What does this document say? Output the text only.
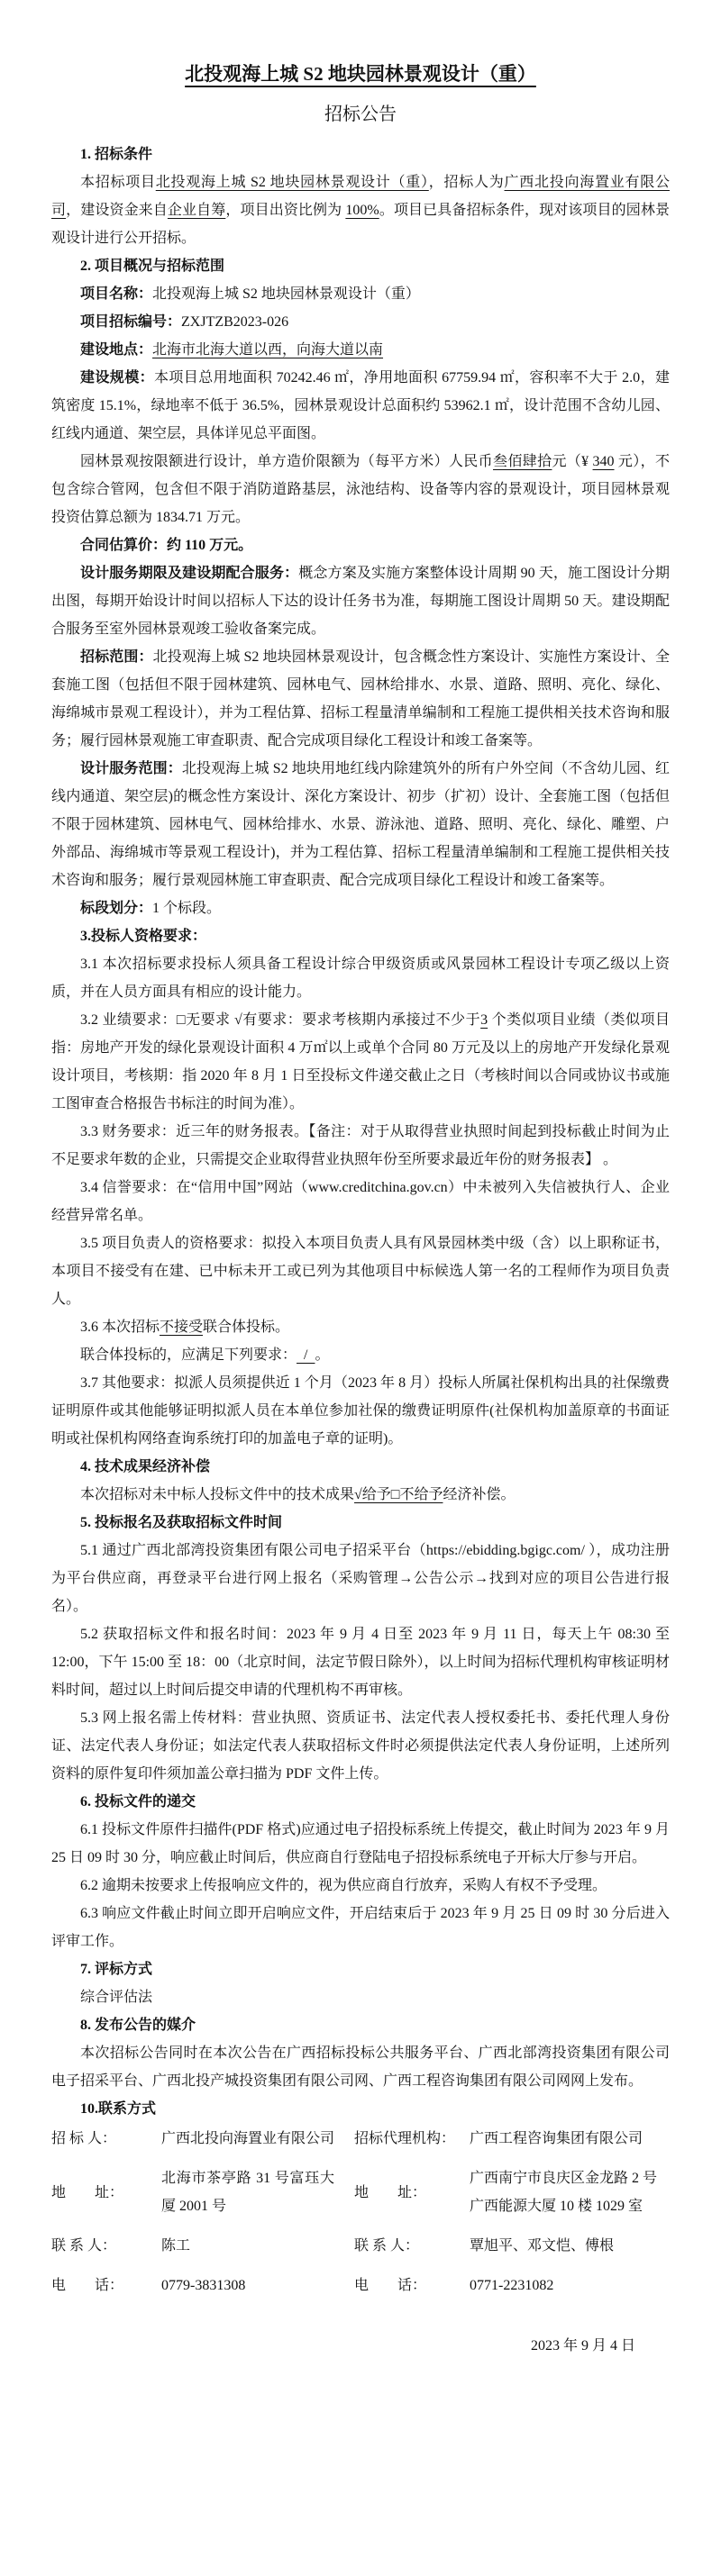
北投观海上城 S2 地块园林景观设计（重）
招标公告

1. 招标条件

本招标项目北投观海上城 S2 地块园林景观设计（重），招标人为广西北投向海置业有限公司，建设资金来自企业自筹，项目出资比例为 100%。项目已具备招标条件，现对该项目的园林景观设计进行公开招标。

2. 项目概况与招标范围

项目名称：北投观海上城 S2 地块园林景观设计（重）

项目招标编号：ZXJTZB2023-026

建设地点：北海市北海大道以西，向海大道以南

建设规模：本项目总用地面积 70242.46 ㎡，净用地面积 67759.94 ㎡，容积率不大于 2.0，建筑密度 15.1%，绿地率不低于 36.5%，园林景观设计总面积约 53962.1 ㎡，设计范围不含幼儿园、红线内通道、架空层，具体详见总平面图。

园林景观按限额进行设计，单方造价限额为（每平方米）人民币叁佰肆拾元（¥ 340 元），不包含综合管网，包含但不限于消防道路基层，泳池结构、设备等内容的景观设计，项目园林景观投资估算总额为 1834.71 万元。

合同估算价：约 110 万元。

设计服务期限及建设期配合服务：概念方案及实施方案整体设计周期 90 天，施工图设计分期出图，每期开始设计时间以招标人下达的设计任务书为准，每期施工图设计周期 50 天。建设期配合服务至室外园林景观竣工验收备案完成。

招标范围：北投观海上城 S2 地块园林景观设计，包含概念性方案设计、实施性方案设计、全套施工图（包括但不限于园林建筑、园林电气、园林给排水、水景、道路、照明、亮化、绿化、海绵城市景观工程设计），并为工程估算、招标工程量清单编制和工程施工提供相关技术咨询和服务；履行园林景观施工审查职责、配合完成项目绿化工程设计和竣工备案等。

设计服务范围：北投观海上城 S2 地块用地红线内除建筑外的所有户外空间（不含幼儿园、红线内通道、架空层)的概念性方案设计、深化方案设计、初步（扩初）设计、全套施工图（包括但不限于园林建筑、园林电气、园林给排水、水景、游泳池、道路、照明、亮化、绿化、雕塑、户外部品、海绵城市等景观工程设计)，并为工程估算、招标工程量清单编制和工程施工提供相关技术咨询和服务；履行景观园林施工审查职责、配合完成项目绿化工程设计和竣工备案等。

标段划分：1 个标段。

3.投标人资格要求：

3.1 本次招标要求投标人须具备工程设计综合甲级资质或风景园林工程设计专项乙级以上资质，并在人员方面具有相应的设计能力。

3.2 业绩要求：□无要求 √有要求：要求考核期内承接过不少于3 个类似项目业绩（类似项目指：房地产开发的绿化景观设计面积 4 万㎡以上或单个合同 80 万元及以上的房地产开发绿化景观设计项目，考核期：指 2020 年 8 月 1 日至投标文件递交截止之日（考核时间以合同或协议书或施工图审查合格报告书标注的时间为准）。

3.3 财务要求：近三年的财务报表。【备注：对于从取得营业执照时间起到投标截止时间为止不足要求年数的企业，只需提交企业取得营业执照年份至所要求最近年份的财务报表】 。

3.4 信誉要求：在“信用中国”网站（www.creditchina.gov.cn）中未被列入失信被执行人、企业经营异常名单。

3.5 项目负责人的资格要求：拟投入本项目负责人具有风景园林类中级（含）以上职称证书，本项目不接受有在建、已中标未开工或已列为其他项目中标候选人第一名的工程师作为项目负责人。

3.6 本次招标不接受联合体投标。

联合体投标的，应满足下列要求：  /  。

3.7 其他要求：拟派人员须提供近 1 个月（2023 年 8 月）投标人所属社保机构出具的社保缴费证明原件或其他能够证明拟派人员在本单位参加社保的缴费证明原件(社保机构加盖原章的书面证明或社保机构网络查询系统打印的加盖电子章的证明)。

4. 技术成果经济补偿

本次招标对未中标人投标文件中的技术成果√给予□不给予经济补偿。

5. 投标报名及获取招标文件时间

5.1 通过广西北部湾投资集团有限公司电子招采平台（https://ebidding.bgigc.com/ ），成功注册为平台供应商，再登录平台进行网上报名（采购管理→公告公示→找到对应的项目公告进行报名）。

5.2 获取招标文件和报名时间：2023 年 9 月 4 日至 2023 年 9 月 11 日，每天上午 08:30 至 12:00，下午 15:00 至 18：00（北京时间，法定节假日除外），以上时间为招标代理机构审核证明材料时间，超过以上时间后提交申请的代理机构不再审核。

5.3 网上报名需上传材料：营业执照、资质证书、法定代表人授权委托书、委托代理人身份证、法定代表人身份证；如法定代表人获取招标文件时必须提供法定代表人身份证明，上述所列资料的原件复印件须加盖公章扫描为 PDF 文件上传。

6. 投标文件的递交

6.1 投标文件原件扫描件(PDF 格式)应通过电子招投标系统上传提交，截止时间为 2023 年 9 月 25 日 09 时 30 分，响应截止时间后，供应商自行登陆电子招投标系统电子开标大厅参与开启。

6.2 逾期未按要求上传报响应文件的，视为供应商自行放弃，采购人有权不予受理。

6.3 响应文件截止时间立即开启响应文件，开启结束后于 2023 年 9 月 25 日 09 时 30 分后进入评审工作。

7. 评标方式

综合评估法

8. 发布公告的媒介

本次招标公告同时在本次公告在广西招标投标公共服务平台、广西北部湾投资集团有限公司电子招采平台、广西北投产城投资集团有限公司网、广西工程咨询集团有限公司网网上发布。

10.联系方式

招 标 人：	广西北投向海置业有限公司 招标代理机构： 广西工程咨询集团有限公司
地　　址：
北海市茶亭路 31 号富珏大厦 2001 号
地　　址：
广西南宁市良庆区金龙路 2 号广西能源大厦 10 楼 1029 室
联 系 人：	陈工	联 系 人：	覃旭平、邓文恺、傅根
电　　话：	0779-3831308	电　　话：	0771-2231082
2023 年 9 月 4 日
